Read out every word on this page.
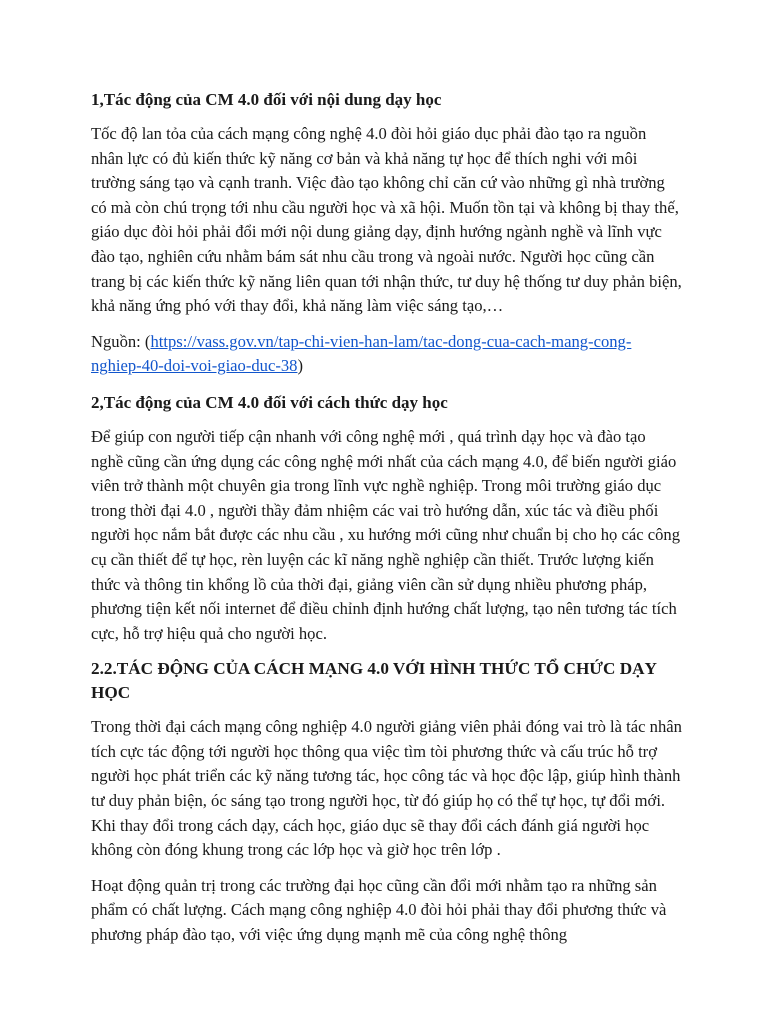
1,Tác động của CM 4.0 đối với nội dung dạy học
Tốc độ lan tỏa của cách mạng công nghệ 4.0 đòi hỏi giáo dục phải đào tạo ra nguồn nhân lực có đủ kiến thức kỹ năng cơ bản và khả năng tự học để thích nghi với môi trường sáng tạo và cạnh tranh. Việc đào tạo không chỉ căn cứ vào những gì nhà trường có mà còn chú trọng tới nhu cầu người học và xã hội. Muốn tồn tại và không bị thay thế, giáo dục đòi hỏi phải đổi mới nội dung giảng dạy, định hướng ngành nghề và lĩnh vực đào tạo, nghiên cứu nhằm bám sát nhu cầu trong và ngoài nước. Người học cũng cần trang bị các kiến thức kỹ năng liên quan tới nhận thức, tư duy hệ thống tư duy phản biện, khả năng ứng phó với thay đổi, khả năng làm việc sáng tạo,…
Nguồn: (https://vass.gov.vn/tap-chi-vien-han-lam/tac-dong-cua-cach-mang-cong-nghiep-40-doi-voi-giao-duc-38)
2,Tác động của CM 4.0 đối với cách thức dạy học
Để giúp con người tiếp cận nhanh với công nghệ mới , quá trình dạy học và đào tạo nghề cũng cần ứng dụng các công nghệ mới nhất của cách mạng 4.0, để biến người giáo viên trở thành một chuyên gia trong lĩnh vực nghề nghiệp. Trong môi trường giáo dục trong thời đại 4.0 , người thầy đảm nhiệm các vai trò hướng dẫn, xúc tác và điều phối người học nắm bắt được các nhu cầu , xu hướng mới cũng như chuẩn bị cho họ các công cụ cần thiết để tự học, rèn luyện các kĩ năng nghề nghiệp cần thiết. Trước lượng kiến thức và thông tin khổng lồ của thời đại, giảng viên cần sử dụng nhiều phương pháp, phương tiện kết nối internet để điều chỉnh định hướng chất lượng, tạo nên tương tác tích cực, hỗ trợ hiệu quả cho người học.
2.2.TÁC ĐỘNG CỦA CÁCH MẠNG 4.0 VỚI HÌNH THỨC TỔ CHỨC DẠY HỌC
Trong thời đại cách mạng công nghiệp 4.0 người giảng viên phải đóng vai trò là tác nhân tích cực tác động tới người học thông qua việc tìm tòi phương thức và cấu trúc hỗ trợ người học phát triển các kỹ năng tương tác, học công tác và học độc lập, giúp hình thành tư duy phản biện, óc sáng tạo trong người học, từ đó giúp họ có thể tự học, tự đổi mới. Khi thay đổi trong cách dạy, cách học, giáo dục sẽ thay đổi cách đánh giá người học không còn đóng khung trong các lớp học và giờ học trên lớp .
Hoạt động quản trị trong các trường đại học cũng cần đổi mới nhằm tạo ra những sản phẩm có chất lượng. Cách mạng công nghiệp 4.0 đòi hỏi phải thay đổi phương thức và phương pháp đào tạo, với việc ứng dụng mạnh mẽ của công nghệ thông
